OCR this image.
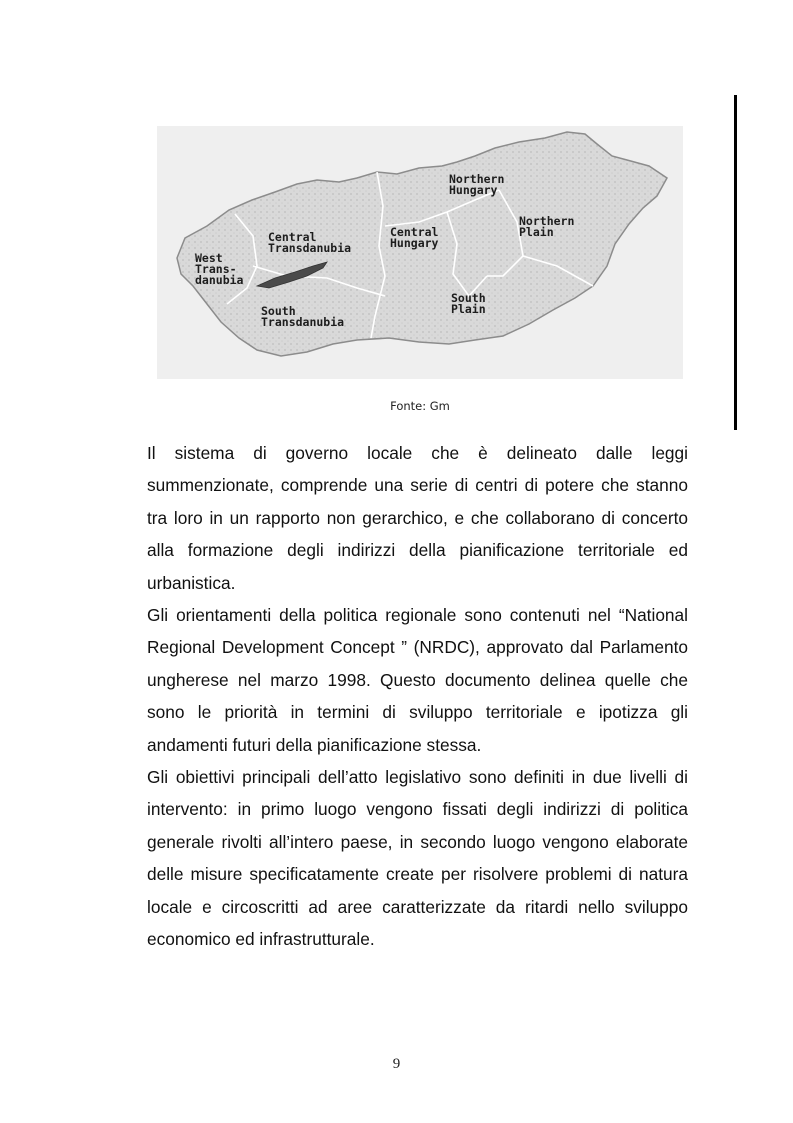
West Trans- danubia
Central Transdanubia
South Transdanubia
Central Hungary
Northern Hungary
Northern Plain
South Plain
Fonte: Gm

Il sistema di governo locale che è delineato dalle leggi summenzionate, comprende una serie di centri di potere che stanno tra loro in un rapporto non gerarchico, e che collaborano di concerto alla formazione degli indirizzi della pianificazione territoriale ed urbanistica.

Gli orientamenti della politica regionale sono contenuti nel “National Regional Development Concept ” (NRDC), approvato dal Parlamento ungherese nel marzo 1998. Questo documento delinea quelle che sono le priorità in termini di sviluppo territoriale e ipotizza gli andamenti futuri della pianificazione stessa.

Gli obiettivi principali dell’atto legislativo sono definiti in due livelli di intervento: in primo luogo vengono fissati degli indirizzi di politica generale rivolti all’intero paese, in secondo luogo vengono elaborate delle misure specificatamente create per risolvere problemi di natura locale e circoscritti ad aree caratterizzate da ritardi nello sviluppo economico ed infrastrutturale.

9
